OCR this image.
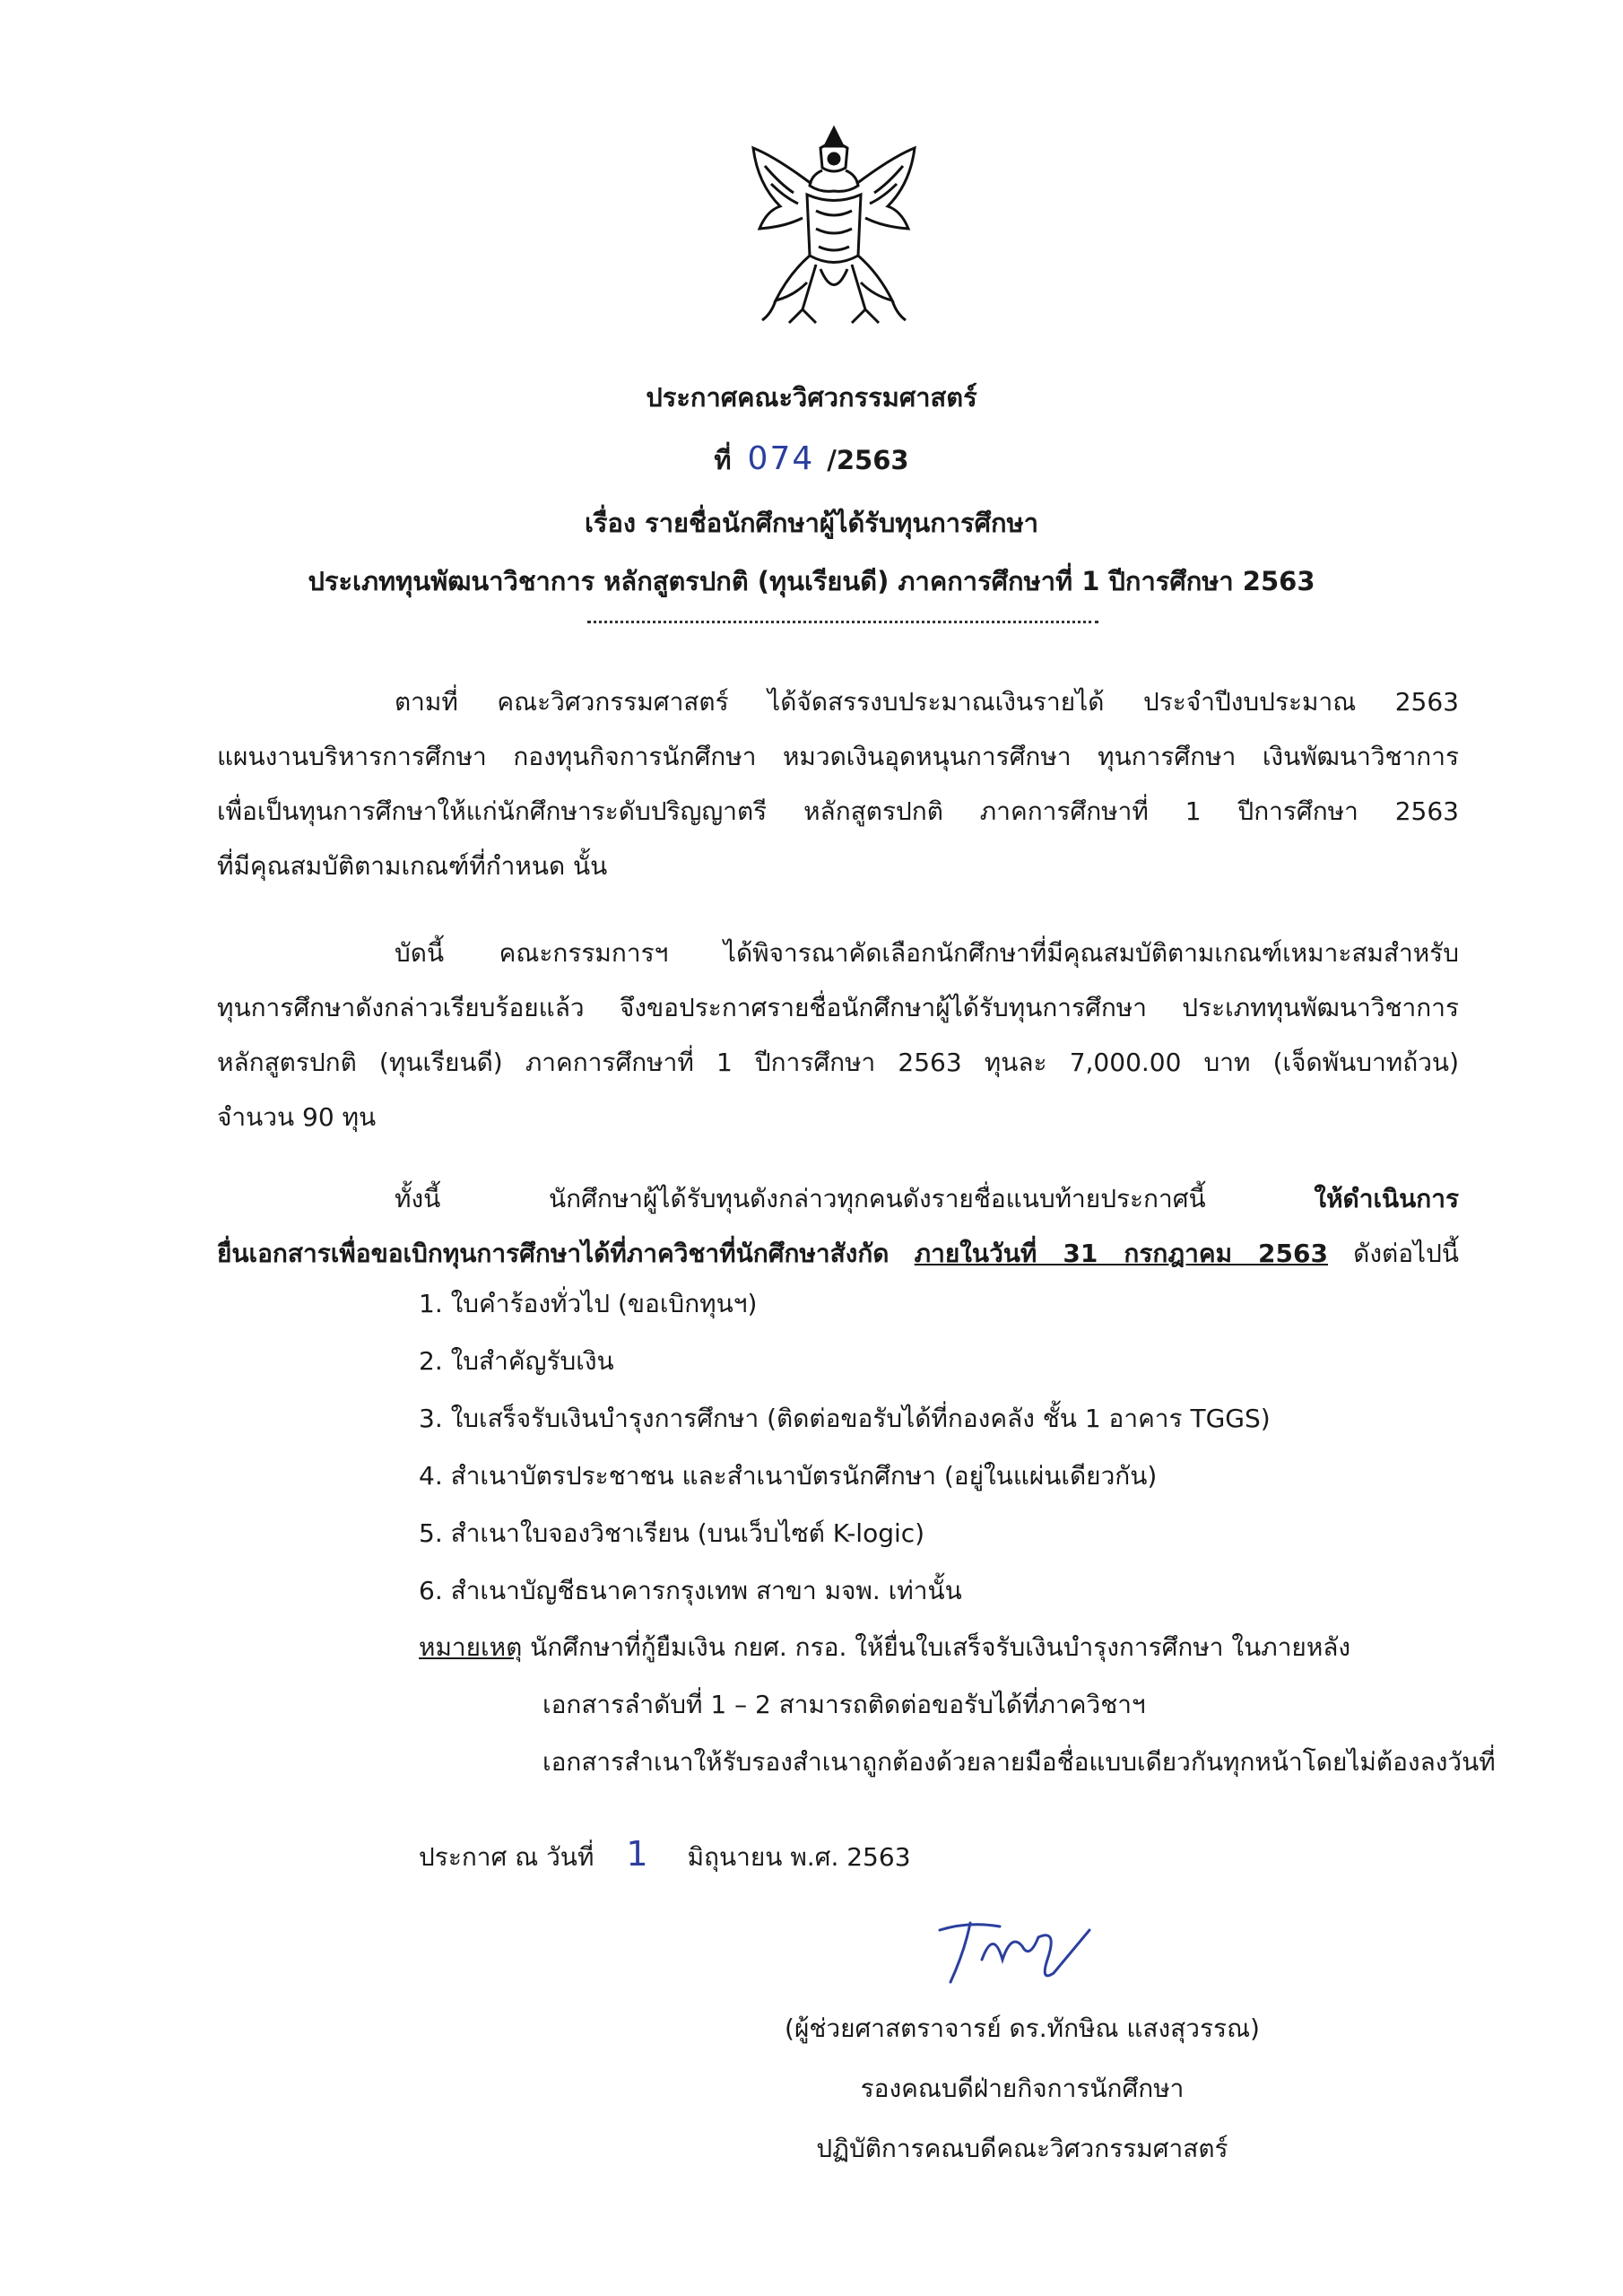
ประกาศคณะวิศวกรรมศาสตร์
ที่ 074 /2563
เรื่อง รายชื่อนักศึกษาผู้ได้รับทุนการศึกษา
ประเภททุนพัฒนาวิชาการ หลักสูตรปกติ (ทุนเรียนดี) ภาคการศึกษาที่ 1 ปีการศึกษา 2563
ตามที่ คณะวิศวกรรมศาสตร์ ได้จัดสรรงบประมาณเงินรายได้ ประจำปีงบประมาณ 2563
แผนงานบริหารการศึกษา กองทุนกิจการนักศึกษา หมวดเงินอุดหนุนการศึกษา ทุนการศึกษา เงินพัฒนาวิชาการ
เพื่อเป็นทุนการศึกษาให้แก่นักศึกษาระดับปริญญาตรี หลักสูตรปกติ ภาคการศึกษาที่ 1 ปีการศึกษา 2563
ที่มีคุณสมบัติตามเกณฑ์ที่กำหนด นั้น
บัดนี้ คณะกรรมการฯ ได้พิจารณาคัดเลือกนักศึกษาที่มีคุณสมบัติตามเกณฑ์เหมาะสมสำหรับ
ทุนการศึกษาดังกล่าวเรียบร้อยแล้ว จึงขอประกาศรายชื่อนักศึกษาผู้ได้รับทุนการศึกษา ประเภททุนพัฒนาวิชาการ
หลักสูตรปกติ (ทุนเรียนดี) ภาคการศึกษาที่ 1 ปีการศึกษา 2563 ทุนละ 7,000.00 บาท (เจ็ดพันบาทถ้วน)
จำนวน 90 ทุน
ทั้งนี้ นักศึกษาผู้ได้รับทุนดังกล่าวทุกคนดังรายชื่อแนบท้ายประกาศนี้	ให้ดำเนินการ
ยื่นเอกสารเพื่อขอเบิกทุนการศึกษาได้ที่ภาควิชาที่นักศึกษาสังกัด ภายในวันที่ 31 กรกฎาคม 2563 ดังต่อไปนี้
1. ใบคำร้องทั่วไป (ขอเบิกทุนฯ)
2. ใบสำคัญรับเงิน
3. ใบเสร็จรับเงินบำรุงการศึกษา (ติดต่อขอรับได้ที่กองคลัง ชั้น 1 อาคาร TGGS)
4. สำเนาบัตรประชาชน และสำเนาบัตรนักศึกษา (อยู่ในแผ่นเดียวกัน)
5. สำเนาใบจองวิชาเรียน (บนเว็บไซต์ K-logic)
6. สำเนาบัญชีธนาคารกรุงเทพ สาขา มจพ. เท่านั้น
หมายเหตุ นักศึกษาที่กู้ยืมเงิน กยศ. กรอ. ให้ยื่นใบเสร็จรับเงินบำรุงการศึกษา ในภายหลัง
เอกสารลำดับที่ 1 – 2 สามารถติดต่อขอรับได้ที่ภาควิชาฯ
เอกสารสำเนาให้รับรองสำเนาถูกต้องด้วยลายมือชื่อแบบเดียวกันทุกหน้าโดยไม่ต้องลงวันที่
ประกาศ ณ วันที่ 1 มิถุนายน พ.ศ. 2563
(ผู้ช่วยศาสตราจารย์ ดร.ทักษิณ แสงสุวรรณ)
รองคณบดีฝ่ายกิจการนักศึกษา
ปฏิบัติการคณบดีคณะวิศวกรรมศาสตร์
